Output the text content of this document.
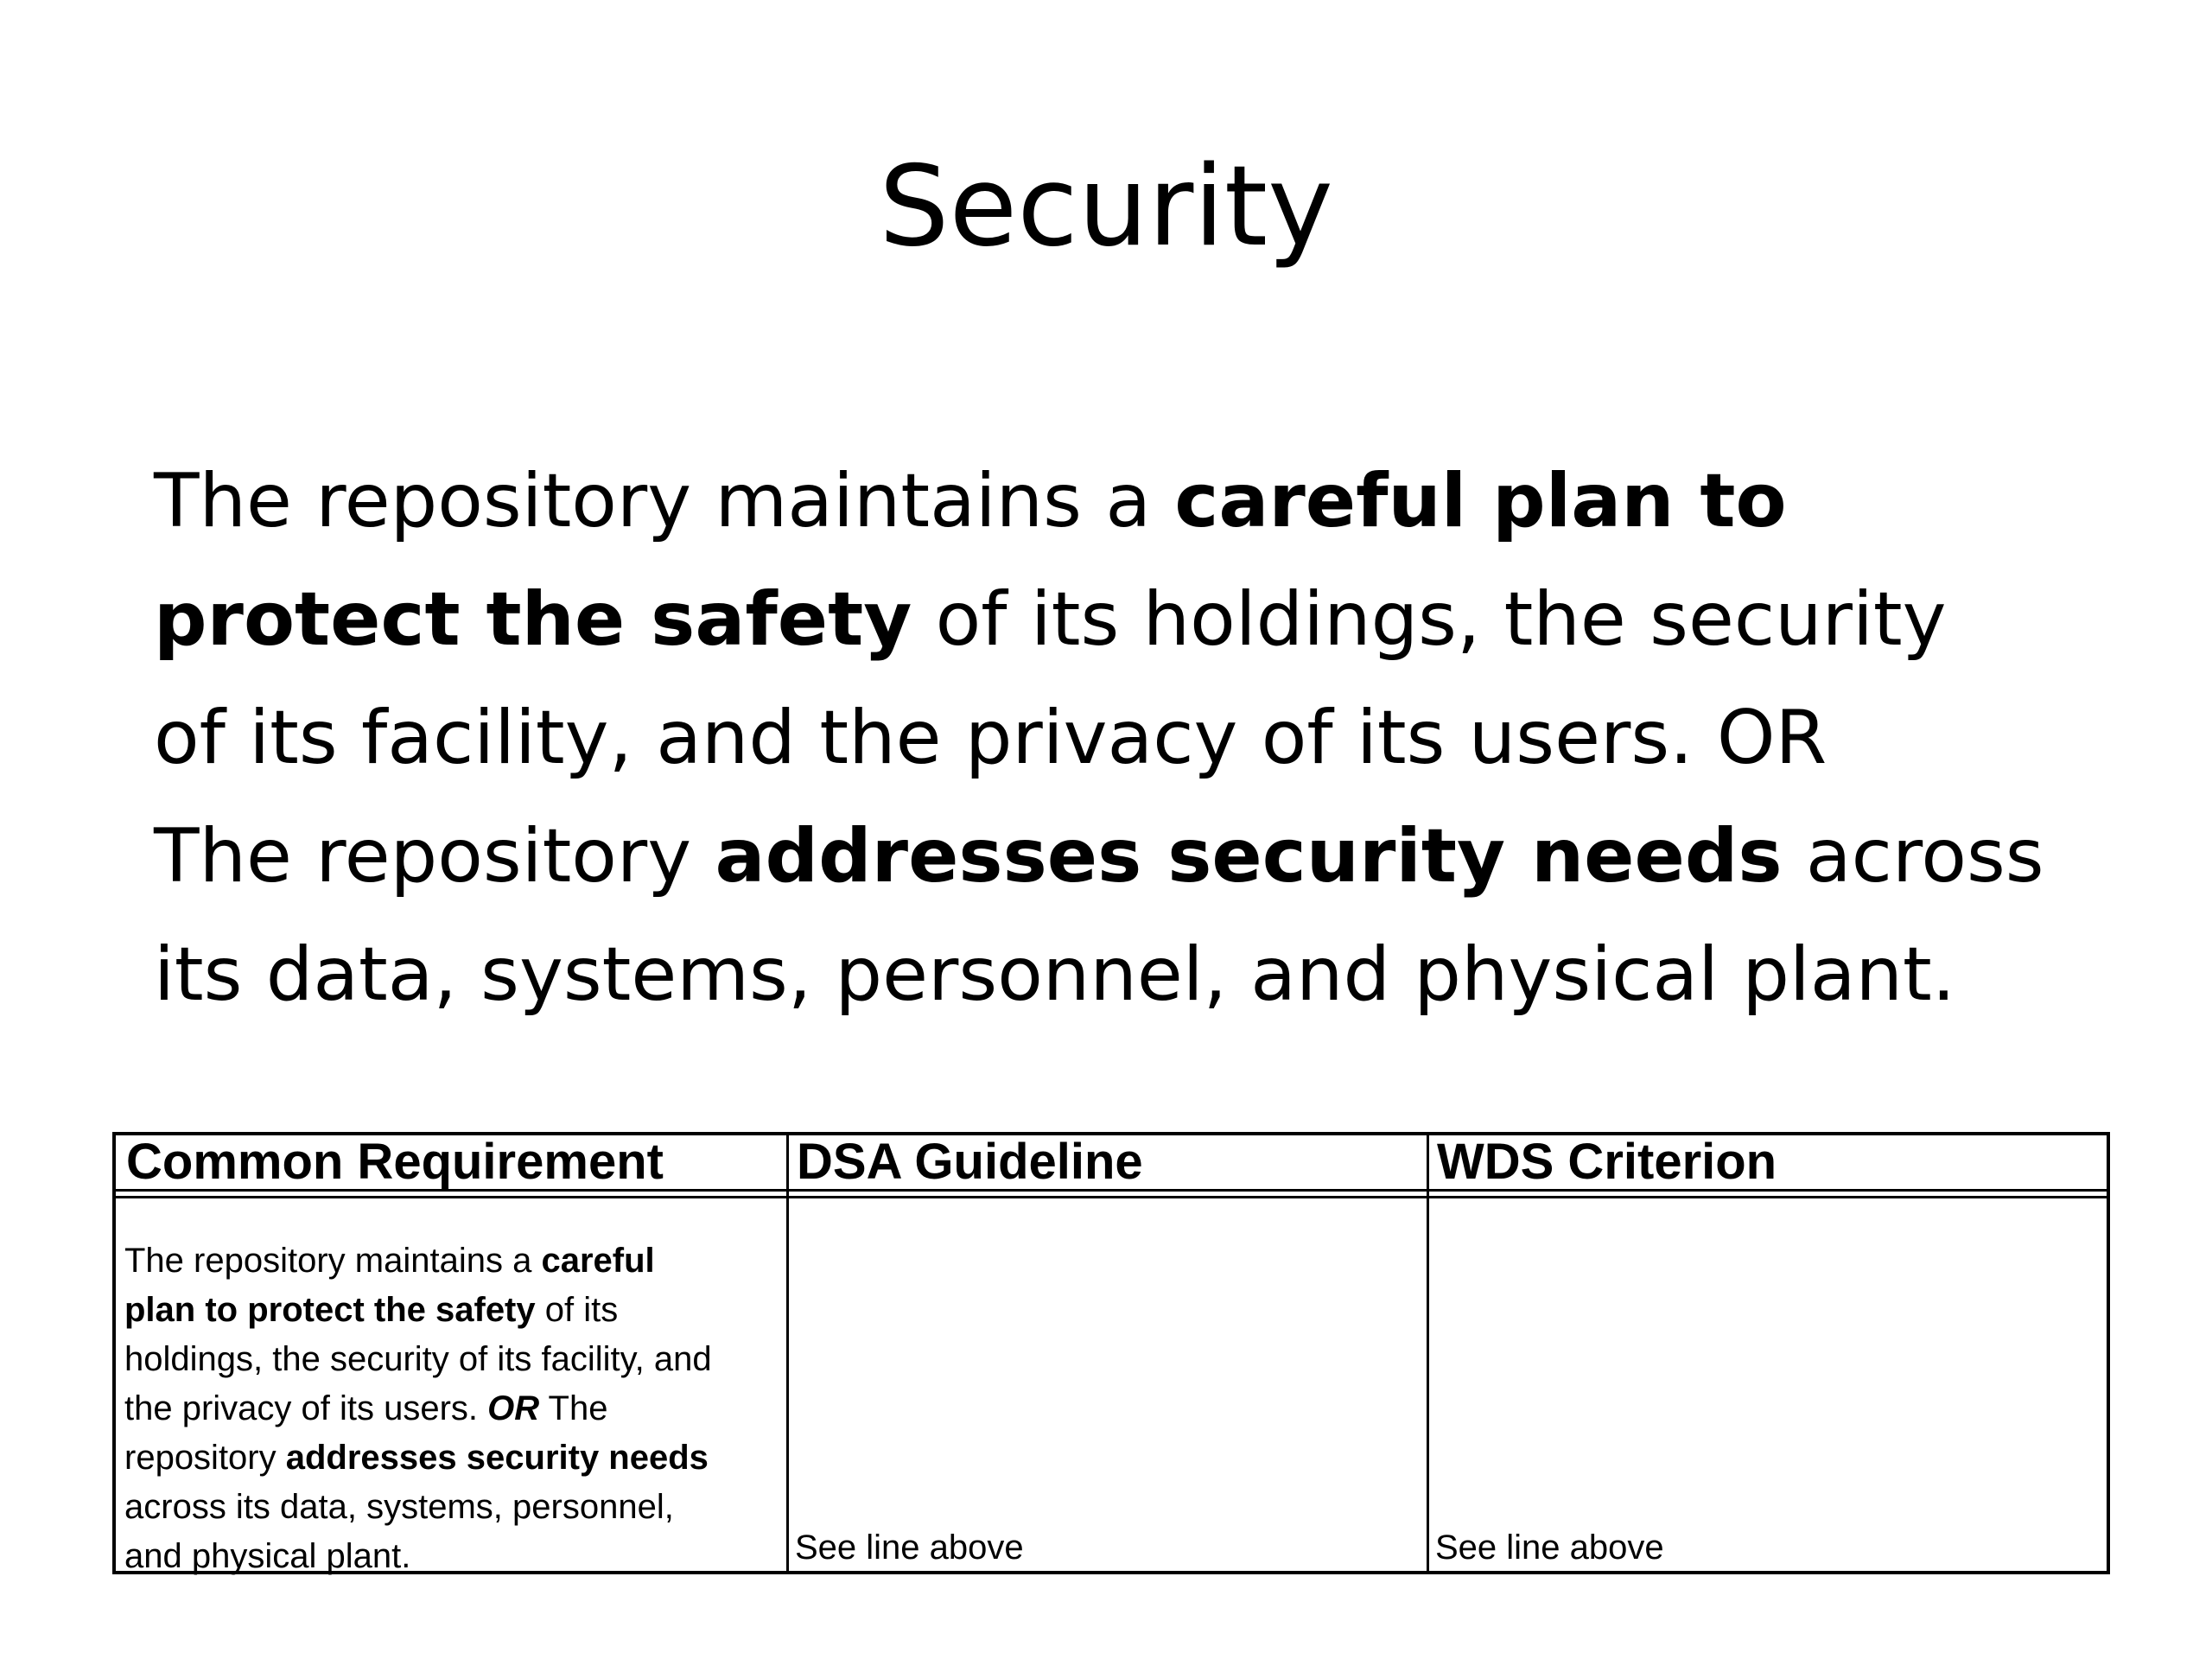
Security

The repository maintains a careful plan to
protect the safety of its holdings, the security
of its facility, and the privacy of its users. OR
The repository addresses security needs across
its data, systems, personnel, and physical plant.

Common Requirement	DSA Guideline	WDS Criterion
The repository maintains a careful
plan to protect the safety of its
holdings, the security of its facility, and
the privacy of its users. OR The
repository addresses security needs
across its data, systems, personnel,
and physical plant.	See line above	See line above
